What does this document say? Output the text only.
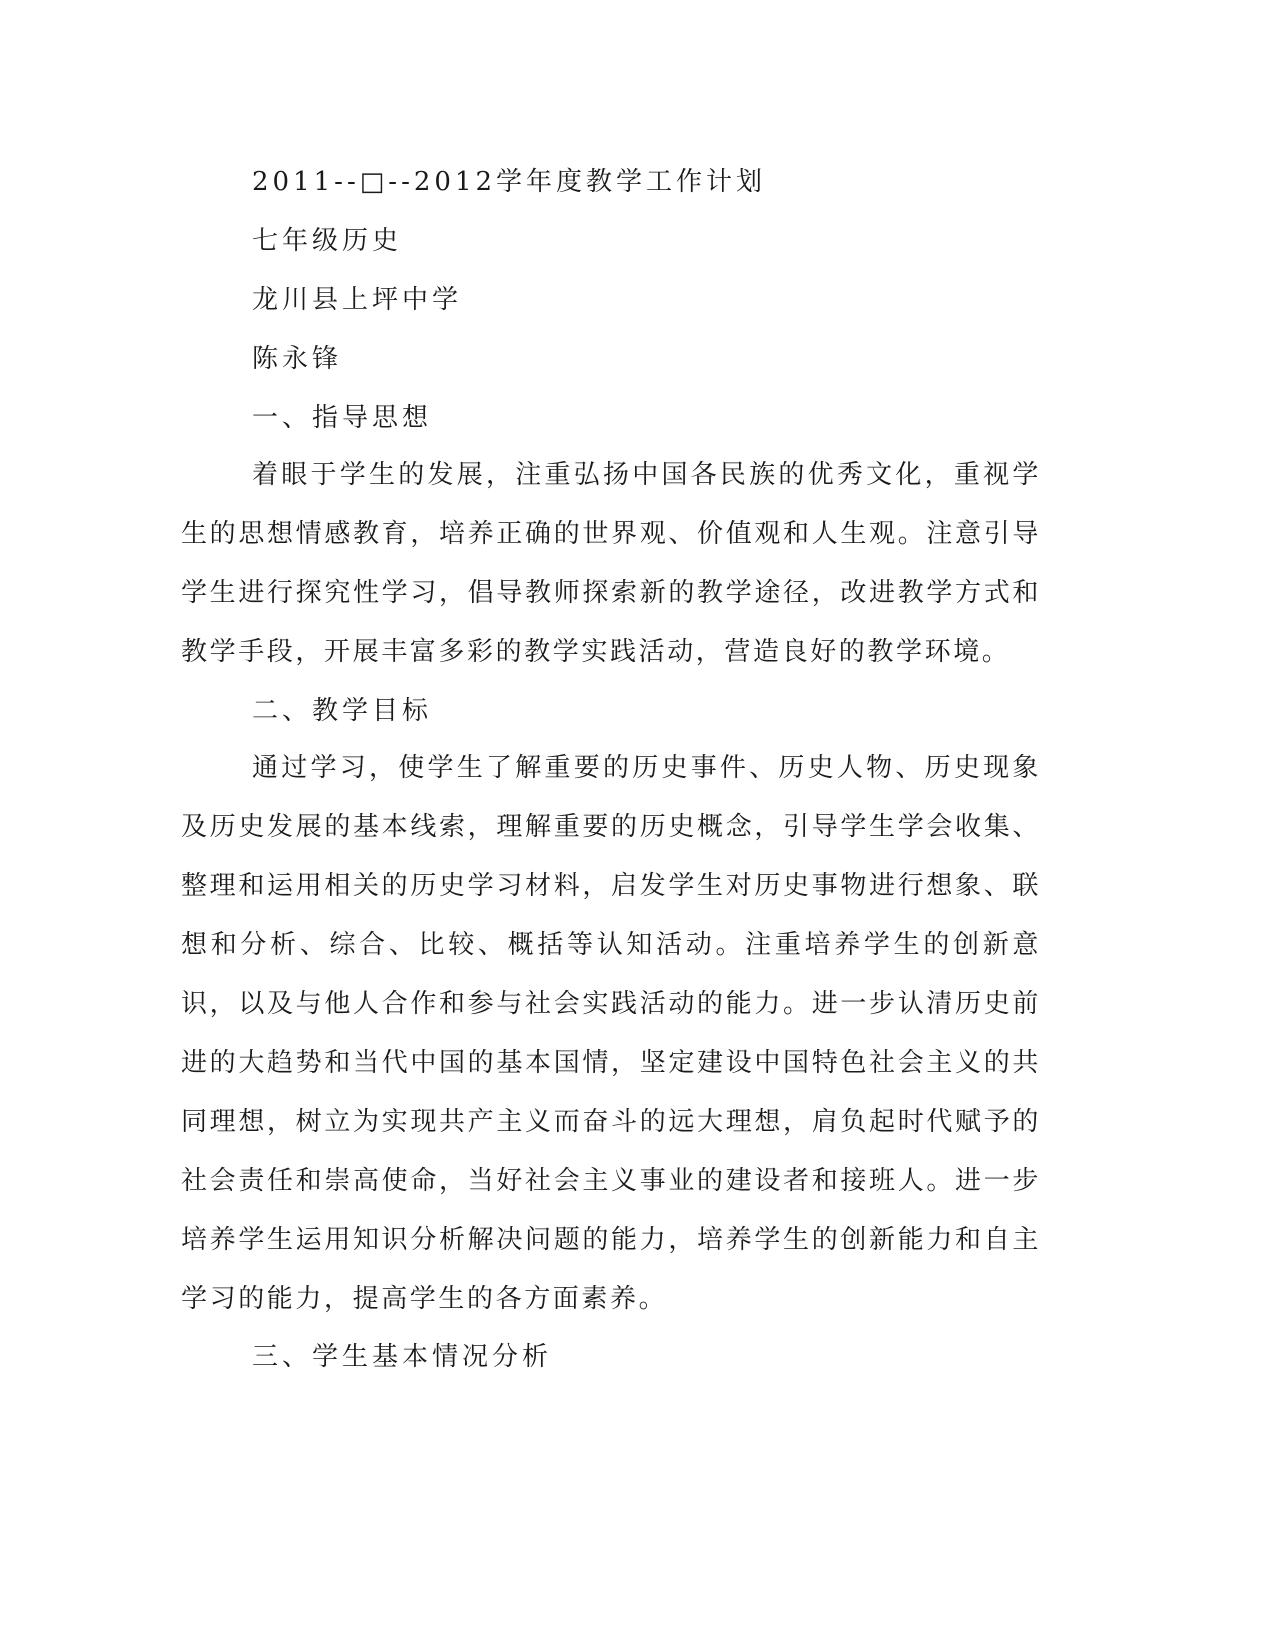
2011--□--2012学年度教学工作计划
七年级历史
龙川县上坪中学
陈永锋
一、指导思想

着眼于学生的发展，注重弘扬中国各民族的优秀文化，重视学生的思想情感教育，培养正确的世界观、价值观和人生观。注意引导学生进行探究性学习，倡导教师探索新的教学途径，改进教学方式和教学手段，开展丰富多彩的教学实践活动，营造良好的教学环境。

二、教学目标

通过学习，使学生了解重要的历史事件、历史人物、历史现象及历史发展的基本线索，理解重要的历史概念，引导学生学会收集、整理和运用相关的历史学习材料，启发学生对历史事物进行想象、联想和分析、综合、比较、概括等认知活动。注重培养学生的创新意识，以及与他人合作和参与社会实践活动的能力。进一步认清历史前进的大趋势和当代中国的基本国情，坚定建设中国特色社会主义的共同理想，树立为实现共产主义而奋斗的远大理想，肩负起时代赋予的社会责任和崇高使命，当好社会主义事业的建设者和接班人。进一步培养学生运用知识分析解决问题的能力，培养学生的创新能力和自主学习的能力，提高学生的各方面素养。

三、学生基本情况分析
